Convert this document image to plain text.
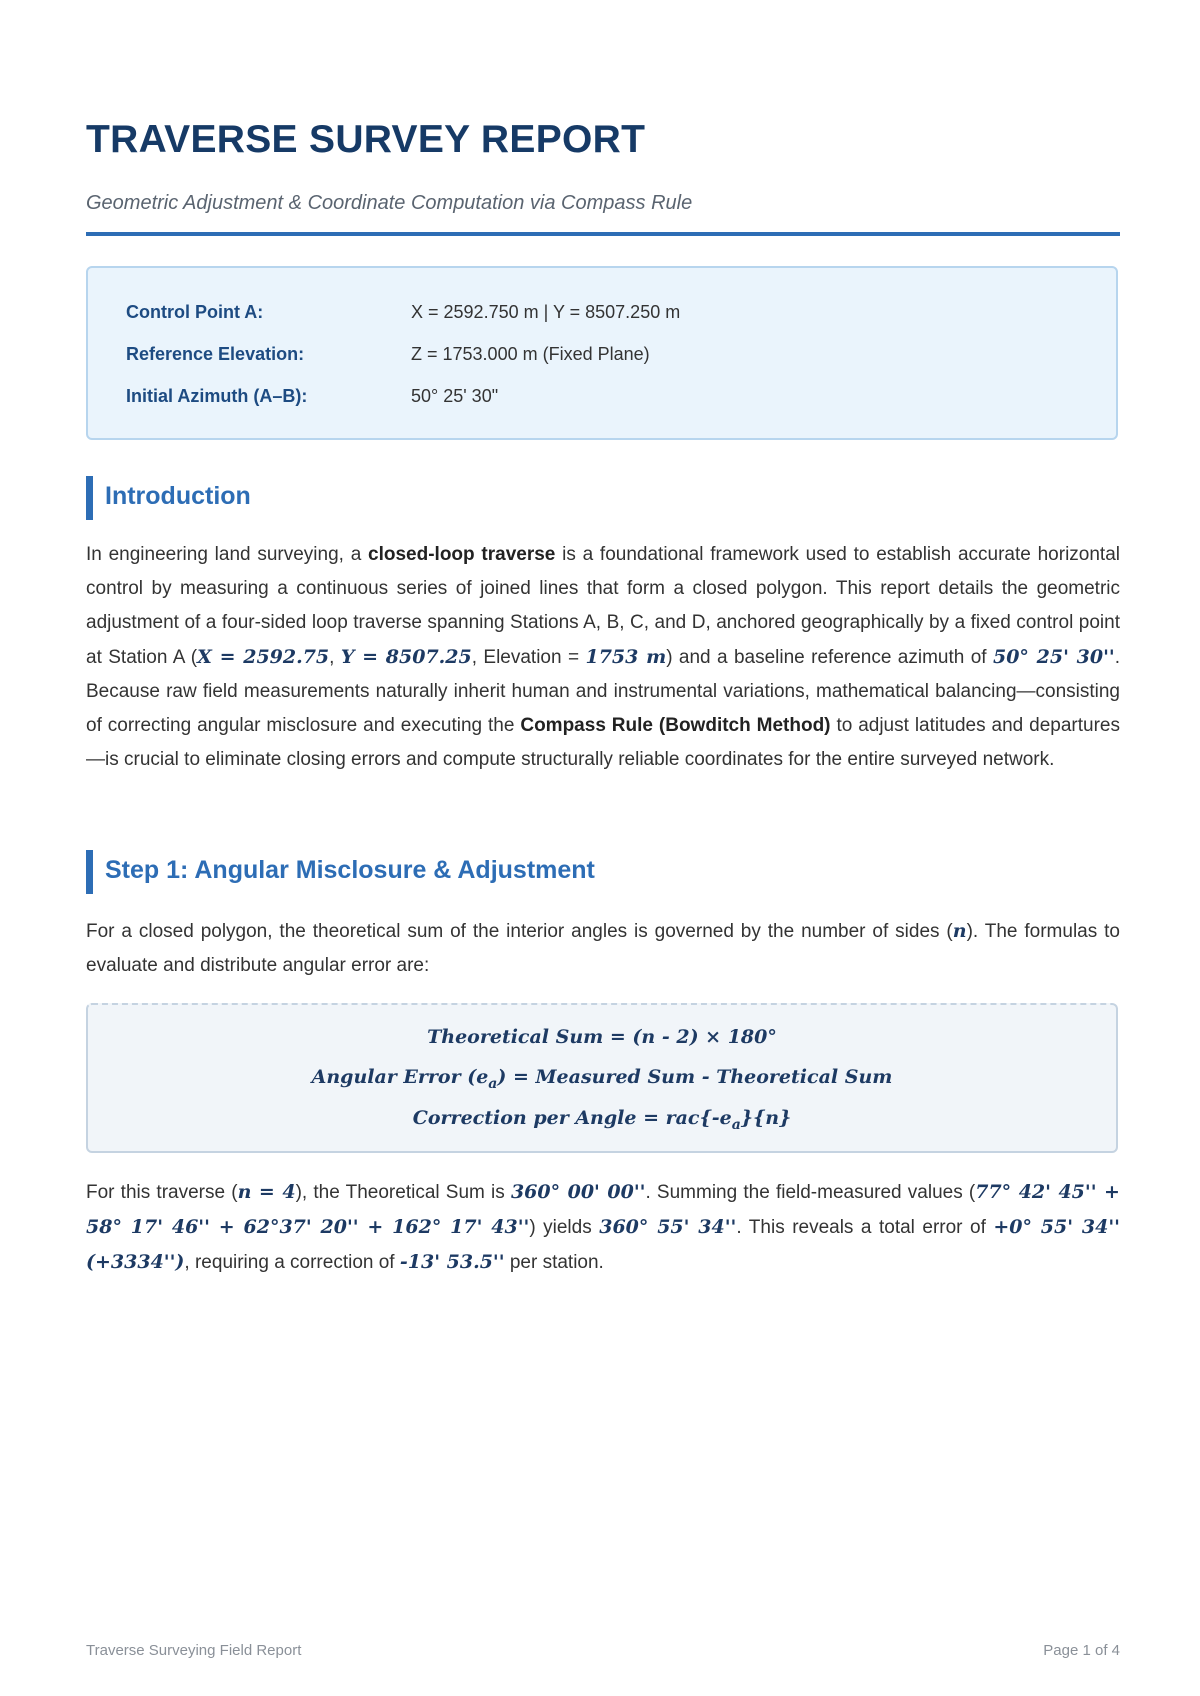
TRAVERSE SURVEY REPORT

Geometric Adjustment & Coordinate Computation via Compass Rule

Control Point A:	X = 2592.750 m | Y = 8507.250 m
Reference Elevation:	Z = 1753.000 m (Fixed Plane)
Initial Azimuth (A–B):	50° 25' 30"
Introduction

In engineering land surveying, a closed-loop traverse is a foundational framework used to establish accurate horizontal control by measuring a continuous series of joined lines that form a closed polygon. This report details the geometric adjustment of a four-sided loop traverse spanning Stations A, B, C, and D, anchored geographically by a fixed control point at Station A (X = 2592.75, Y = 8507.25, Elevation = 1753 m) and a baseline reference azimuth of 50° 25' 30''. Because raw field measurements naturally inherit human and instrumental variations, mathematical balancing—consisting of correcting angular misclosure and executing the Compass Rule (Bowditch Method) to adjust latitudes and departures—is crucial to eliminate closing errors and compute structurally reliable coordinates for the entire surveyed network.

Step 1: Angular Misclosure & Adjustment

For a closed polygon, the theoretical sum of the interior angles is governed by the number of sides (n). The formulas to evaluate and distribute angular error are:

Theoretical Sum = (n - 2) × 180°
Angular Error $(e_a)$ = Measured Sum - Theoretical Sum
Correction per Angle = $rac\{-e_a\}\{n\}$

For this traverse (n = 4), the Theoretical Sum is 360° 00' 00''. Summing the field-measured values (77° 42' 45'' + 58° 17' 46'' + 62°37' 20'' + 162° 17' 43'') yields 360° 55' 34''. This reveals a total error of +0° 55' 34'' (+3334''), requiring a correction of -13' 53.5'' per station.

Traverse Surveying Field Report	Page 1 of 4
